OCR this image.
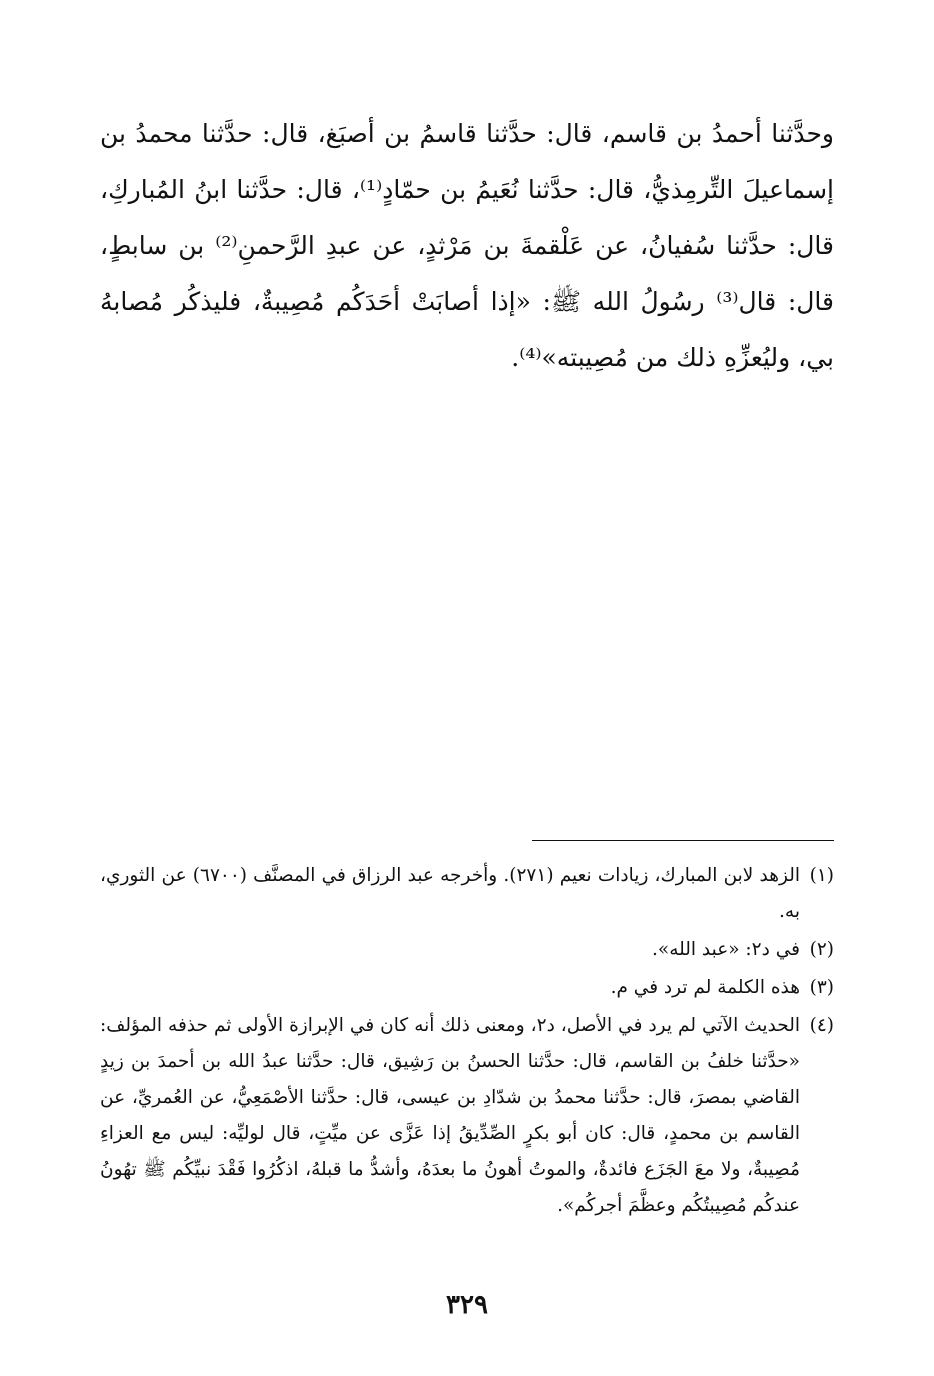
وحدَّثنا أحمدُ بن قاسم، قال: حدَّثنا قاسمُ بن أصبَغ، قال: حدَّثنا محمدُ بن إسماعيلَ التِّرمِذيُّ، قال: حدَّثنا نُعَيمُ بن حمّادٍ⁽¹⁾، قال: حدَّثنا ابنُ المُباركِ، قال: حدَّثنا سُفيانُ، عن عَلْقمةَ بن مَرْثدٍ، عن عبدِ الرَّحمنِ⁽²⁾ بن سابطٍ، قال: قال⁽³⁾ رسُولُ الله ﷺ: «إذا أصابَتْ أحَدَكُم مُصِيبةٌ، فليذكُر مُصابهُ بي، وليُعزِّهِ ذلك من مُصِيبته»⁽⁴⁾.

(١)الزهد لابن المبارك، زيادات نعيم (٢٧١). وأخرجه عبد الرزاق في المصنَّف (٦٧٠٠) عن الثوري، به.

(٢)في د٢: «عبد الله».

(٣)هذه الكلمة لم ترد في م.

(٤)الحديث الآتي لم يرد في الأصل، د٢، ومعنى ذلك أنه كان في الإبرازة الأولى ثم حذفه المؤلف: «حدَّثنا خلفُ بن القاسم، قال: حدَّثنا الحسنُ بن رَشِيق، قال: حدَّثنا عبدُ الله بن أحمدَ بن زيدٍ القاضي بمصرَ، قال: حدَّثنا محمدُ بن شدّادِ بن عيسى، قال: حدَّثنا الأصْمَعِيُّ، عن العُمريِّ، عن القاسم بن محمدٍ، قال: كان أبو بكرٍ الصِّدِّيقُ إذا عَزَّى عن ميِّتٍ، قال لوليِّه: ليس مع العزاءِ مُصِيبةٌ، ولا معَ الجَزَع فائدةٌ، والموتُ أهونُ ما بعدَهُ، وأشدُّ ما قبلهُ، اذكُرُوا فَقْدَ نبيِّكُم ﷺ تهُونُ عندكُم مُصِيبتُكُم وعظَّمَ أجركُم».

٣٢٩
